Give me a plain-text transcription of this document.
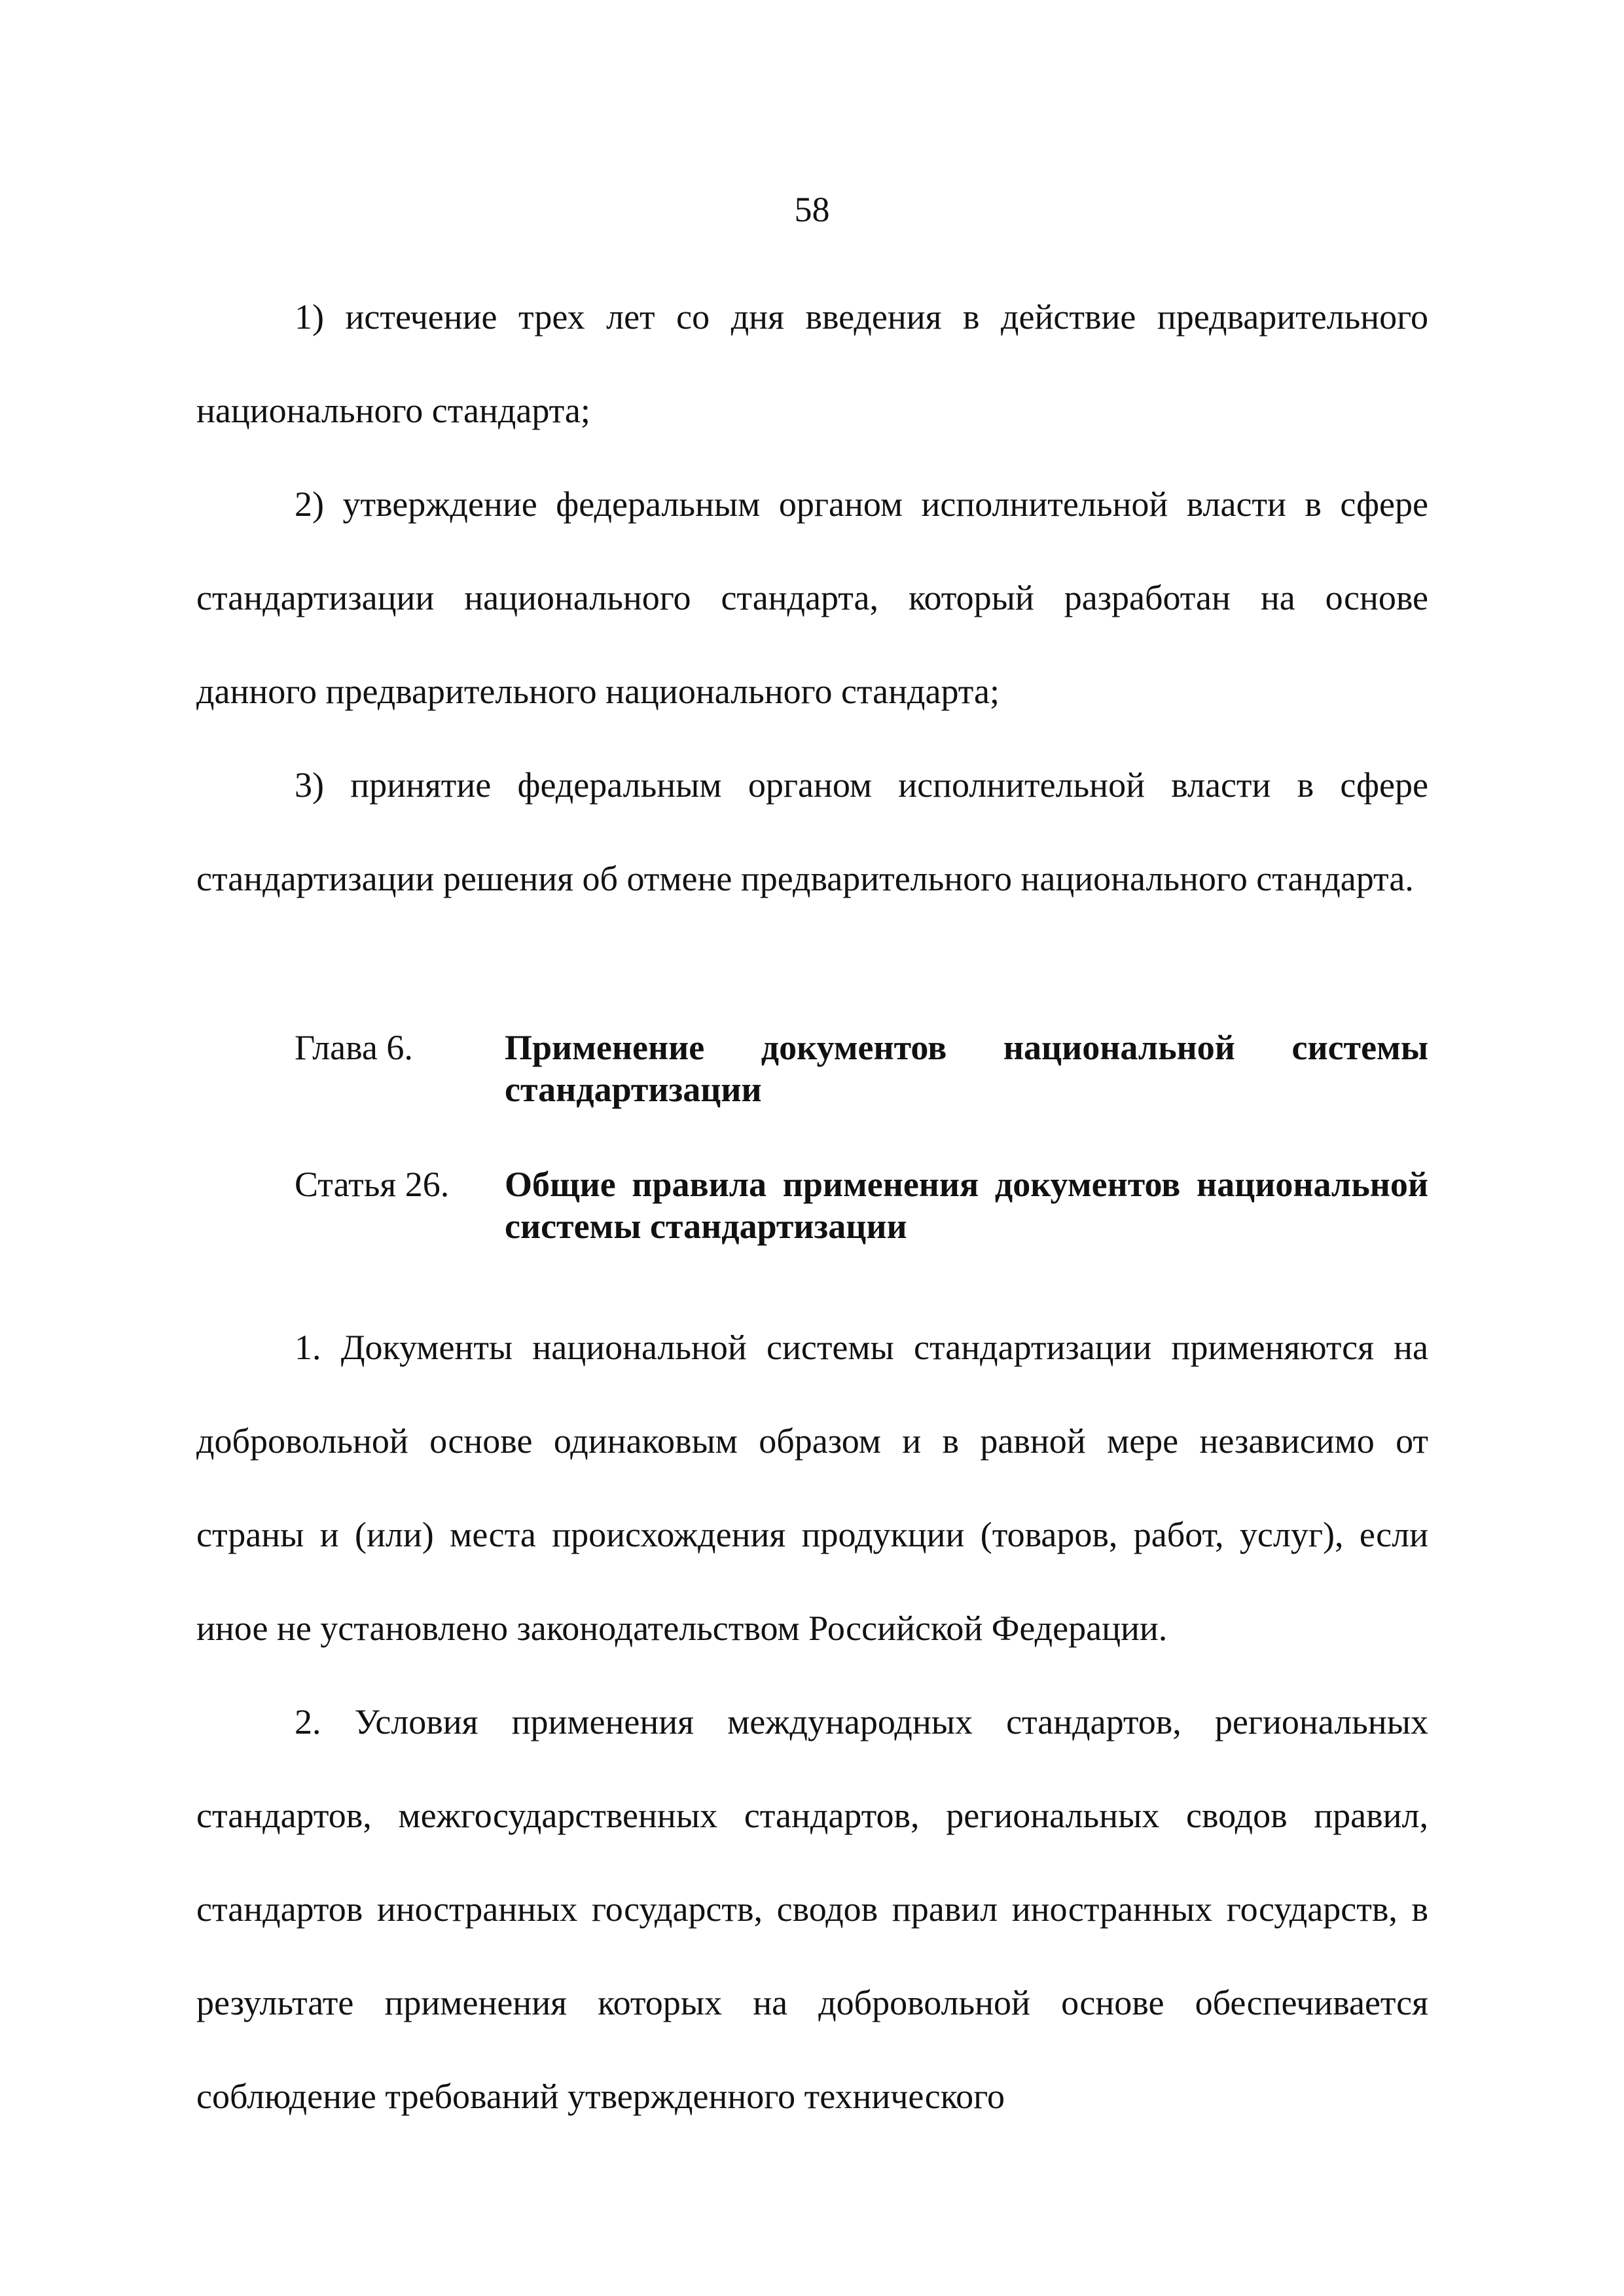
58

1) истечение трех лет со дня введения в действие предварительного национального стандарта;

2) утверждение федеральным органом исполнительной власти в сфере стандартизации национального стандарта, который разработан на основе данного предварительного национального стандарта;

3) принятие федеральным органом исполнительной власти в сфере стандартизации решения об отмене предварительного национального стандарта.

Глава 6.	Применение документов национальной системы стандартизации
Статья 26. Общие правила применения документов национальной системы стандартизации

1. Документы национальной системы стандартизации применяются на добровольной основе одинаковым образом и в равной мере независимо от страны и (или) места происхождения продукции (товаров, работ, услуг), если иное не установлено законодательством Российской Федерации.

2. Условия применения международных стандартов, региональных стандартов, межгосударственных стандартов, региональных сводов правил, стандартов иностранных государств, сводов правил иностранных государств, в результате применения которых на добровольной основе обеспечивается соблюдение требований утвержденного технического
